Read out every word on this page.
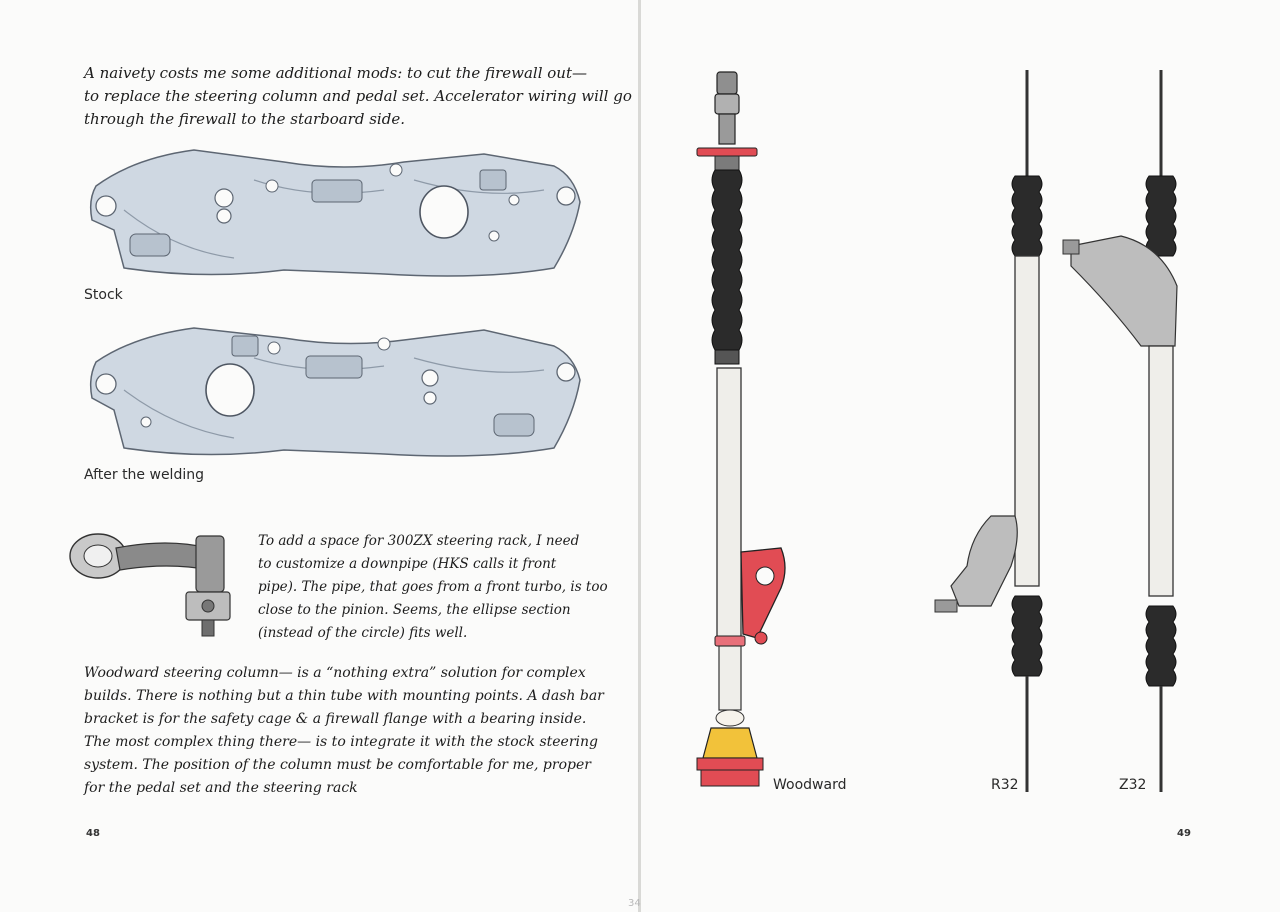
A naivety costs me some additional mods: to cut the firewall out—
to replace the steering column and pedal set. Accelerator wiring will go
through the firewall to the starboard side.

Stock
After the welding

To add a space for 300ZX steering rack, I need
to customize a downpipe (HKS calls it front
pipe). The pipe, that goes from a front turbo, is too
close to the pinion. Seems, the ellipse section
(instead of the circle) fits well.

Woodward steering column— is a “nothing extra” solution for complex
builds. There is nothing but a thin tube with mounting points. A dash bar
bracket is for the safety cage & a firewall flange with a bearing inside.
The most complex thing there— is to integrate it with the stock steering
system. The position of the column must be comfortable for me, proper
for the pedal set and the steering rack

48
34
Woodward	R32	Z32
49
